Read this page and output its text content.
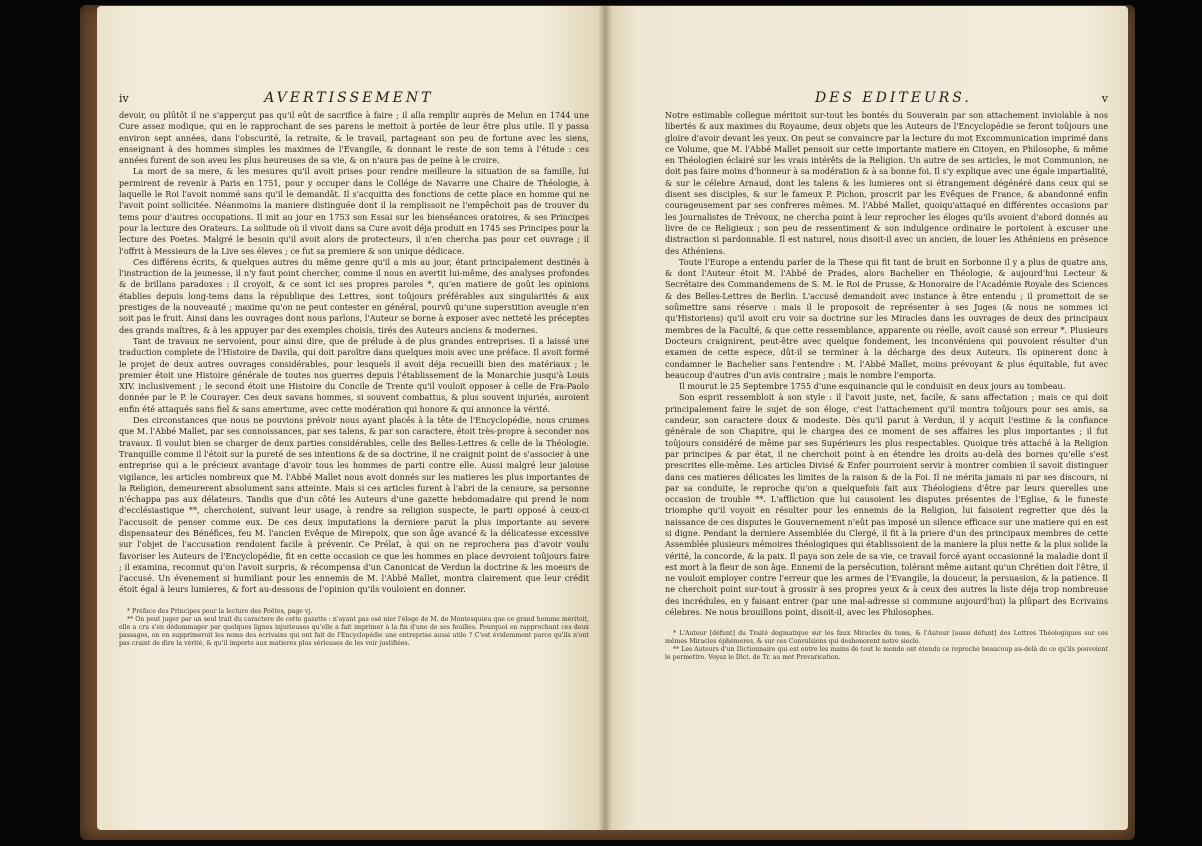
iv	AVERTISSEMENT

devoir, ou plûtôt il ne s'apperçut pas qu'il eût de sacrifice à faire ; il alla remplir auprès de Melun en 1744 une Cure assez modique, qui en le rapprochant de ses parens le mettoit à portée de leur être plus utile. Il y passa environ sept années, dans l'obscurité, la retraite, & le travail, partageant son peu de fortune avec les siens, enseignant à des hommes simples les maximes de l'Evangile, & donnant le reste de son tems à l'étude : ces années furent de son aveu les plus heureuses de sa vie, & on n'aura pas de peine à le croire.

La mort de sa mere, & les mesures qu'il avoit prises pour rendre meilleure la situation de sa famille, lui permirent de revenir à Paris en 1751, pour y occuper dans le Collége de Navarre une Chaire de Théologie, à laquelle le Roi l'avoit nommé sans qu'il le demandât. Il s'acquitta des fonctions de cette place en homme qui ne l'avoit point sollicitée. Néanmoins la maniere distinguée dont il la remplissoit ne l'empêchoit pas de trouver du tems pour d'autres occupations. Il mit au jour en 1753 son Essai sur les bienséances oratoires, & ses Principes pour la lecture des Orateurs. La solitude où il vivoit dans sa Cure avoit déja produit en 1745 ses Principes pour la lecture des Poetes. Malgré le besoin qu'il avoit alors de protecteurs, il n'en chercha pas pour cet ouvrage ; il l'offrit à Messieurs de la Live ses éleves ; ce fut sa premiere & son unique dédicace.

Ces différens écrits, & quelques autres du même genre qu'il a mis au jour, étant principalement destinés à l'instruction de la jeunesse, il n'y faut point chercher, comme il nous en avertit lui-même, des analyses profondes & de brillans paradoxes : il croyoit, & ce sont ici ses propres paroles *, qu'en matiere de goût les opinions établies depuis long-tems dans la république des Lettres, sont toûjours préférables aux singularités & aux prestiges de la nouveauté ; maxime qu'on ne peut contester en général, pourvû qu'une superstition aveugle n'en soit pas le fruit. Ainsi dans les ouvrages dont nous parlons, l'Auteur se borne à exposer avec netteté les préceptes des grands maîtres, & à les appuyer par des exemples choisis, tirés des Auteurs anciens & modernes.

Tant de travaux ne servoient, pour ainsi dire, que de prélude à de plus grandes entreprises. Il a laissé une traduction complete de l'Histoire de Davila, qui doit paroître dans quelques mois avec une préface. Il avoit formé le projet de deux autres ouvrages considérables, pour lesquels il avoit déja recueilli bien des matériaux ; le premier étoit une Histoire générale de toutes nos guerres depuis l'établissement de la Monarchie jusqu'à Louis XIV. inclusivement ; le second étoit une Histoire du Concile de Trente qu'il vouloit opposer à celle de Fra-Paolo donnée par le P. le Courayer. Ces deux savans hommes, si souvent combattus, & plus souvent injuriés, auroient enfin été attaqués sans fiel & sans amertume, avec cette modération qui honore & qui annonce la vérité.

Des circonstances que nous ne pouvions prévoir nous ayant placés à la tête de l'Encyclopédie, nous crumes que M. l'Abbé Mallet, par ses connoissances, par ses talens, & par son caractere, étoit très-propre à seconder nos travaux. Il voulut bien se charger de deux parties considérables, celle des Belles-Lettres & celle de la Théologie. Tranquille comme il l'étoit sur la pureté de ses intentions & de sa doctrine, il ne craignit point de s'associer à une entreprise qui a le précieux avantage d'avoir tous les hommes de parti contre elle. Aussi malgré leur jalouse vigilance, les articles nombreux que M. l'Abbé Mallet nous avoit donnés sur les matieres les plus importantes de la Religion, demeurerent absolument sans atteinte. Mais si ces articles furent à l'abri de la censure, sa personne n'échappa pas aux délateurs. Tandis que d'un côté les Auteurs d'une gazette hebdomadaire qui prend le nom d'ecclésiastique **, cherchoient, suivant leur usage, à rendre sa religion suspecte, le parti opposé à ceux-ci l'accusoit de penser comme eux. De ces deux imputations la derniere parut la plus importante au severe dispensateur des Bénéfices, feu M. l'ancien Evêque de Mirepoix, que son âge avancé & la délicatesse excessive sur l'objet de l'accusation rendoient facile à prévenir. Ce Prélat, à qui on ne reprochera pas d'avoir voulu favoriser les Auteurs de l'Encyclopédie, fit en cette occasion ce que les hommes en place devroient toûjours faire ; il examina, reconnut qu'on l'avoit surpris, & récompensa d'un Canonicat de Verdun la doctrine & les moeurs de l'accusé. Un évenement si humiliant pour les ennemis de M. l'Abbé Mallet, montra clairement que leur crédit étoit égal à leurs lumieres, & fort au-dessous de l'opinion qu'ils vouloient en donner.

* Préface des Principes pour la lecture des Poëtes, page vj.

** On peut juger par un seul trait du caractere de cette gazette : n'ayant pas osé nier l'éloge de M. de Montesquieu que ce grand homme méritoit, elle a cru s'en dédommager par quelques lignes injurieuses qu'elle a fait imprimer à la fin d'une de ses feuilles. Pourquoi en rapprochant ces deux passages, on en supprimeroit les noms des écrivains qui ont fait de l'Encyclopédie une entreprise aussi utile ? C'est évidemment parce qu'ils n'ont pas craint de dire la vérité, & qu'il importe aux matieres plus sérieuses de les voir justifiées.

DES EDITEURS.	v

Notre estimable collegue méritoit sur-tout les bontés du Souverain par son attachement inviolable à nos libertés & aux maximes du Royaume, deux objets que les Auteurs de l'Encyclopédie se feront toûjours une gloire d'avoir devant les yeux. On peut se convaincre par la lecture du mot Excommunication imprimé dans ce Volume, que M. l'Abbé Mallet pensoit sur cette importante matiere en Citoyen, en Philosophe, & même en Théologien éclairé sur les vrais intérêts de la Religion. Un autre de ses articles, le mot Communion, ne doit pas faire moins d'honneur à sa modération & à sa bonne foi. Il s'y explique avec une égale impartialité, & sur le célebre Arnaud, dont les talens & les lumieres ont si étrangement dégénéré dans ceux qui se disent ses disciples, & sur le fameux P. Pichon, proscrit par les Evêques de France, & abandonné enfin courageusement par ses confreres mêmes. M. l'Abbé Mallet, quoiqu'attaqué en différentes occasions par les Journalistes de Trévoux, ne chercha point à leur reprocher les éloges qu'ils avoient d'abord donnés au livre de ce Religieux ; son peu de ressentiment & son indulgence ordinaire le portoient à excuser une distraction si pardonnable. Il est naturel, nous disoit-il avec un ancien, de louer les Athéniens en présence des Athéniens.

Toute l'Europe a entendu parler de la These qui fit tant de bruit en Sorbonne il y a plus de quatre ans, & dont l'Auteur étoit M. l'Abbé de Prades, alors Bachelier en Théologie, & aujourd'hui Lecteur & Secrétaire des Commandemens de S. M. le Roi de Prusse, & Honoraire de l'Académie Royale des Sciences & des Belles-Lettres de Berlin. L'accusé demandoit avec instance à être entendu ; il promettoit de se soûmettre sans réserve : mais il le proposoit de représenter à ses Juges (& nous ne sommes ici qu'Historiens) qu'il avoit cru voir sa doctrine sur les Miracles dans les ouvrages de deux des principaux membres de la Faculté, & que cette ressemblance, apparente ou réelle, avoit causé son erreur *. Plusieurs Docteurs craignirent, peut-être avec quelque fondement, les inconvéniens qui pouvoient résulter d'un examen de cette espece, dût-il se terminer à la décharge des deux Auteurs. Ils opinerent donc à condamner le Bachelier sans l'entendre : M. l'Abbé Mallet, moins prévoyant & plus équitable, fut avec beaucoup d'autres d'un avis contraire ; mais le nombre l'emporta.

Il mourut le 25 Septembre 1755 d'une esquinancie qui le conduisit en deux jours au tombeau.

Son esprit ressembloit à son style : il l'avoit juste, net, facile, & sans affectation ; mais ce qui doit principalement faire le sujet de son éloge, c'est l'attachement qu'il montra toûjours pour ses amis, sa candeur, son caractere doux & modeste. Dès qu'il parut à Verdun, il y acquit l'estime & la confiance générale de son Chapitre, qui le chargea des ce moment de ses affaires les plus importantes ; il fut toûjours considéré de même par ses Supérieurs les plus respectables. Quoique très attaché à la Religion par principes & par état, il ne cherchoit point à en étendre les droits au-delà des bornes qu'elle s'est prescrites elle-même. Les articles Divisé & Enfer pourroient servir à montrer combien il savoit distinguer dans ces matieres délicates les limites de la raison & de la Foi. Il ne mérita jamais ni par ses discours, ni par sa conduite, le reproche qu'on a quelquefois fait aux Théologiens d'être par leurs querelles une occasion de trouble **. L'affliction que lui causoient les disputes présentes de l'Eglise, & le funeste triomphe qu'il voyoit en résulter pour les ennemis de la Religion, lui faisoient regretter que dès la naissance de ces disputes le Gouvernement n'eût pas imposé un silence efficace sur une matiere qui en est si digne. Pendant la derniere Assemblée du Clergé, il fit à la priere d'un des principaux membres de cette Assemblée plusieurs mémoires théologiques qui établissoient de la maniere la plus nette & la plus solide la vérité, la concorde, & la paix. Il paya son zele de sa vie, ce travail forcé ayant occasionné la maladie dont il est mort à la fleur de son âge. Ennemi de la persécution, tolérant même autant qu'un Chrétien doit l'être, il ne vouloit employer contre l'erreur que les armes de l'Evangile, la douceur, la persuasion, & la patience. Il ne cherchoit point sur-tout à grossir à ses propres yeux & à ceux des autres la liste déja trop nombreuse des incrédules, en y faisant entrer (par une mal-adresse si commune aujourd'hui) la plûpart des Ecrivains célebres. Ne nous brouillons point, disoit-il, avec les Philosophes.

* L'Auteur [défunt] du Traité dogmatique sur les faux Miracles du tems, & l'Auteur [aussi défunt] des Lettres Théologiques sur ces mêmes Miracles éphémeres, & sur ces Convulsions qui deshonorent notre siecle.

** Les Auteurs d'un Dictionnaire qui est entre les mains de tout le monde ont étendu ce reproche beaucoup au-delà de ce qu'ils pouvoient le permettre. Voyez le Dict. de Tr. au mot Prevarication.
